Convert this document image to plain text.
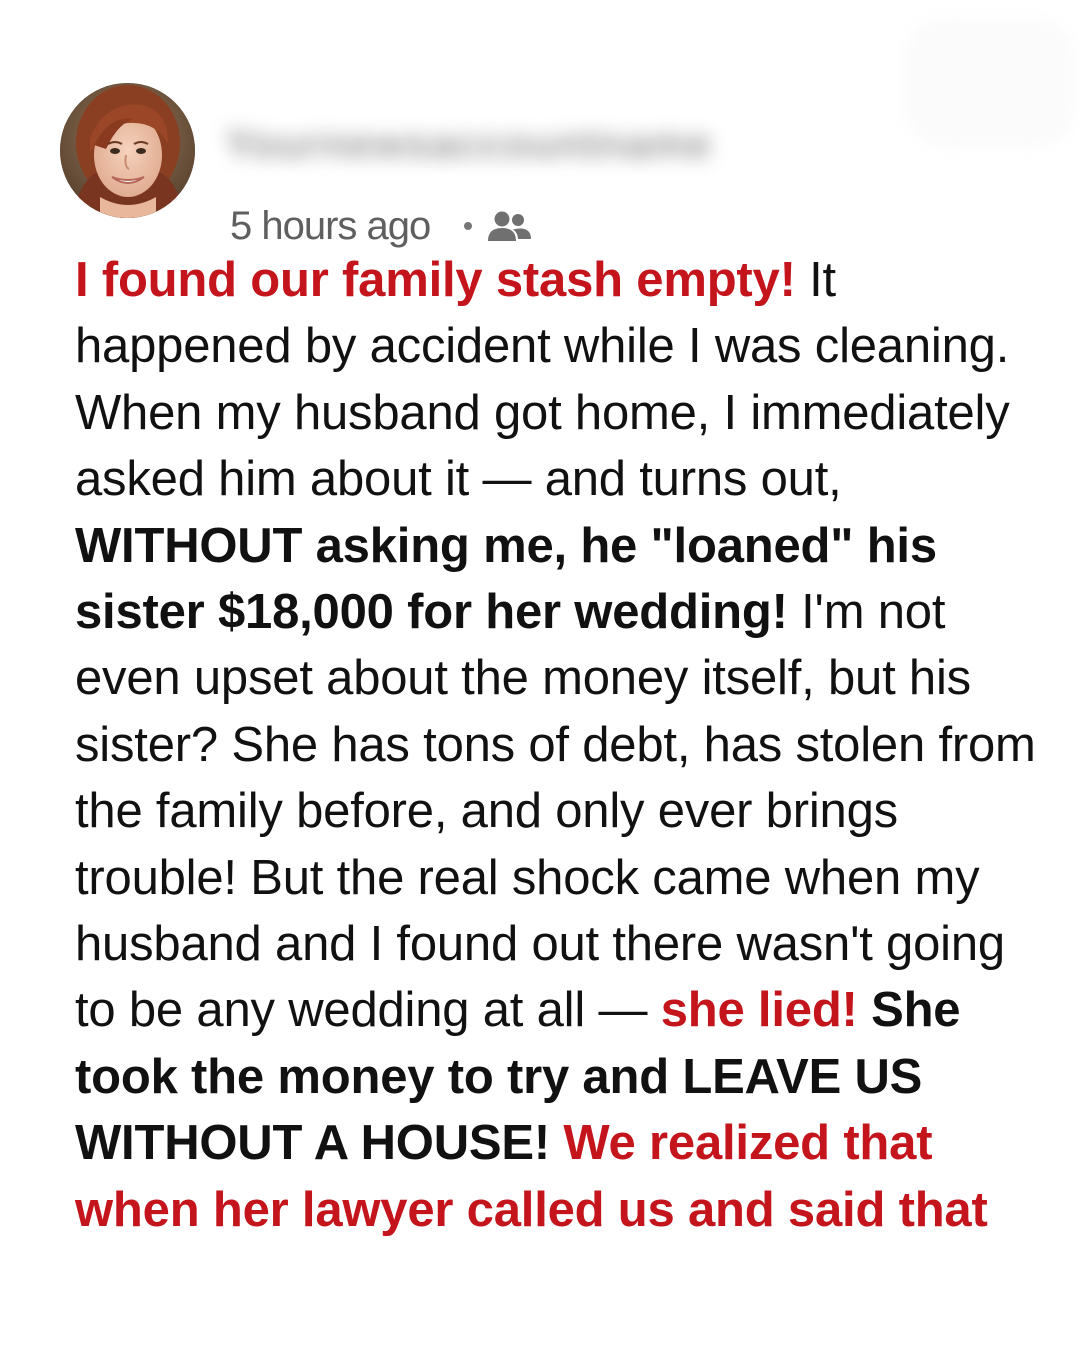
Yournewsaccountname
5 hours ago

I found our family stash empty! It happened by accident while I was cleaning. When my husband got home, I immediately asked him about it — and turns out, WITHOUT asking me, he "loaned" his sister $18,000 for her wedding! I'm not even upset about the money itself, but his sister? She has tons of debt, has stolen from the family before, and only ever brings trouble! But the real shock came when my husband and I found out there wasn't going to be any wedding at all — she lied! She took the money to try and LEAVE US WITHOUT A HOUSE! We realized that when her lawyer called us and said that
